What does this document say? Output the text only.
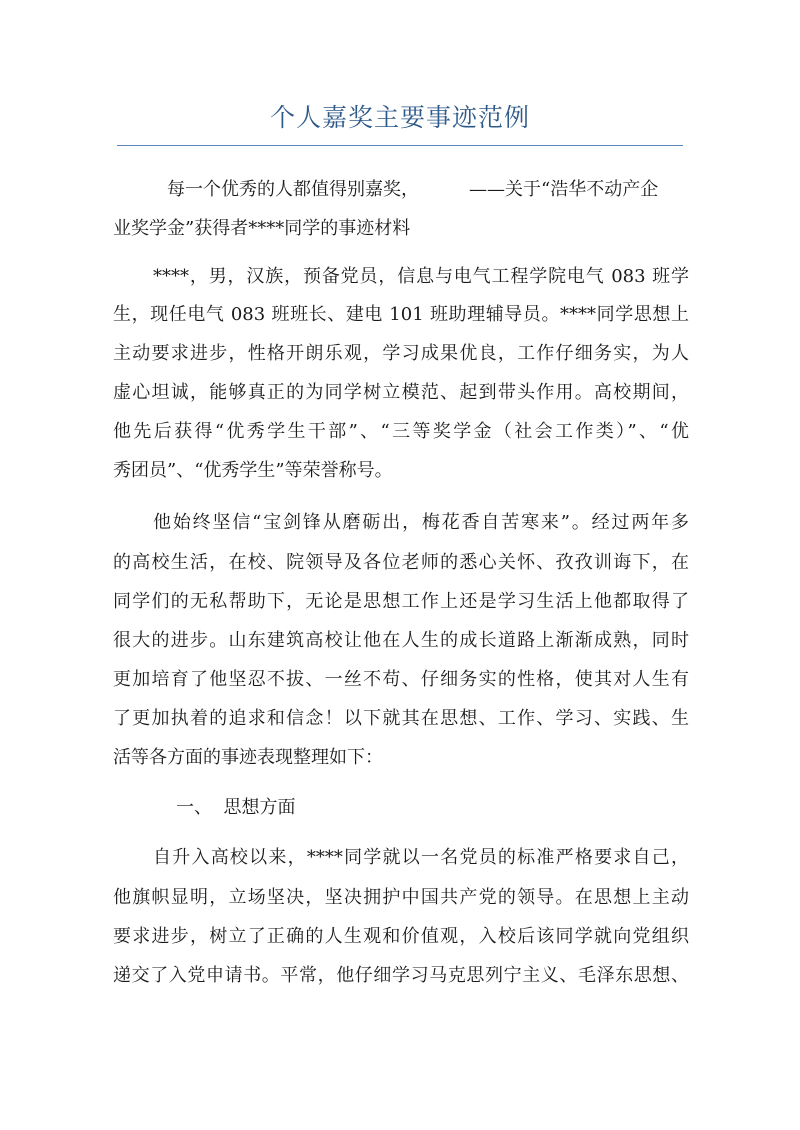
个人嘉奖主要事迹范例
每一个优秀的人都值得别嘉奖，	——关于“浩华不动产企
业奖学金”获得者****同学的事迹材料
****，男，汉族，预备党员，信息与电气工程学院电气 083 班学
生，现任电气 083 班班长、建电 101 班助理辅导员。****同学思想上
主动要求进步，性格开朗乐观，学习成果优良，工作仔细务实，为人
虚心坦诚，能够真正的为同学树立模范、起到带头作用。高校期间，
他先后获得“优秀学生干部”、“三等奖学金（社会工作类）”、“优
秀团员”、“优秀学生”等荣誉称号。
他始终坚信“宝剑锋从磨砺出，梅花香自苦寒来”。经过两年多
的高校生活，在校、院领导及各位老师的悉心关怀、孜孜训诲下，在
同学们的无私帮助下，无论是思想工作上还是学习生活上他都取得了
很大的进步。山东建筑高校让他在人生的成长道路上渐渐成熟，同时
更加培育了他坚忍不拔、一丝不苟、仔细务实的性格，使其对人生有
了更加执着的追求和信念！以下就其在思想、工作、学习、实践、生
活等各方面的事迹表现整理如下：
一、  思想方面
自升入高校以来，****同学就以一名党员的标准严格要求自己，
他旗帜显明，立场坚决，坚决拥护中国共产党的领导。在思想上主动
要求进步，树立了正确的人生观和价值观，入校后该同学就向党组织
递交了入党申请书。平常，他仔细学习马克思列宁主义、毛泽东思想、
